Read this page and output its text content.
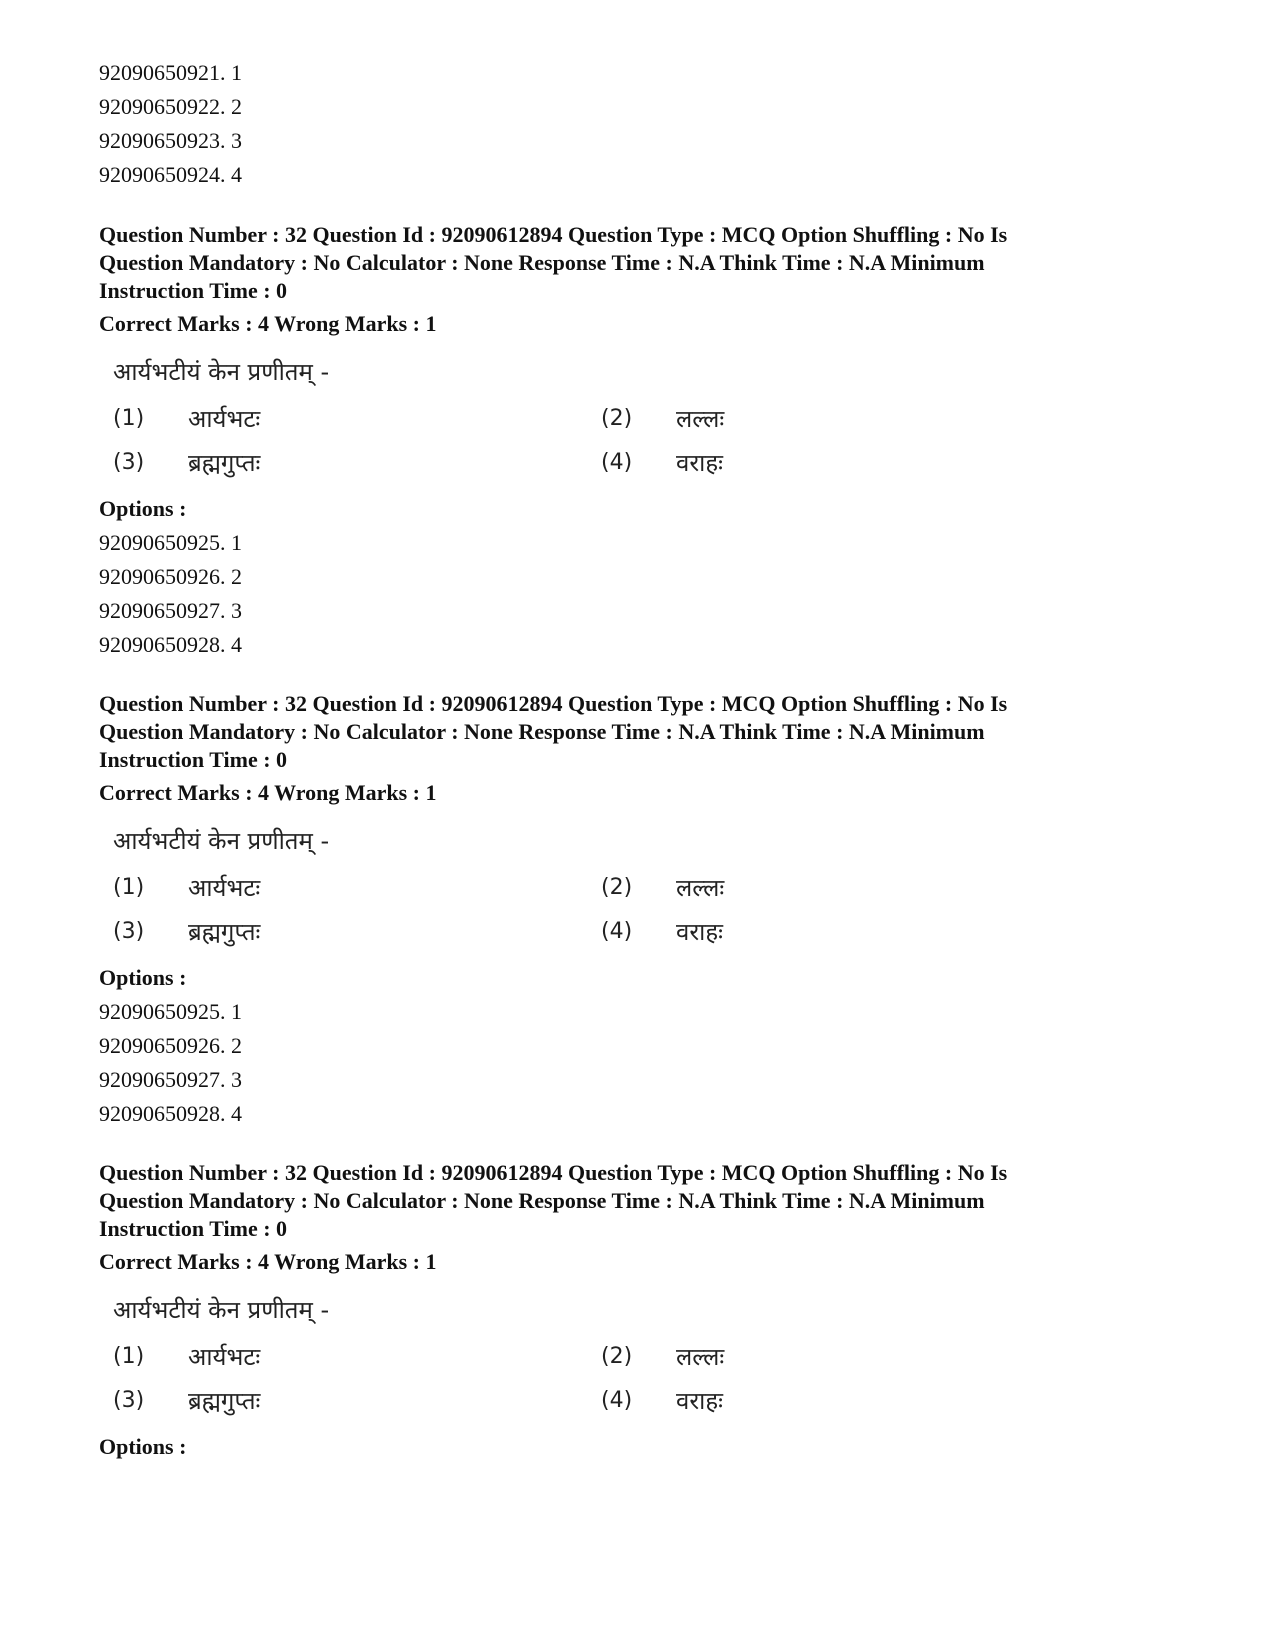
92090650921. 1
92090650922. 2
92090650923. 3
92090650924. 4
Question Number : 32 Question Id : 92090612894 Question Type : MCQ Option Shuffling : No Is
Question Mandatory : No Calculator : None Response Time : N.A Think Time : N.A Minimum
Instruction Time : 0
Correct Marks : 4 Wrong Marks : 1
आर्यभटीयं केन प्रणीतम् -
(1)	आर्यभटः	(2)	लल्लः
(3)	ब्रह्मगुप्तः	(4)	वराहः
Options :
92090650925. 1
92090650926. 2
92090650927. 3
92090650928. 4
Question Number : 32 Question Id : 92090612894 Question Type : MCQ Option Shuffling : No Is
Question Mandatory : No Calculator : None Response Time : N.A Think Time : N.A Minimum
Instruction Time : 0
Correct Marks : 4 Wrong Marks : 1
आर्यभटीयं केन प्रणीतम् -
(1)	आर्यभटः	(2)	लल्लः
(3)	ब्रह्मगुप्तः	(4)	वराहः
Options :
92090650925. 1
92090650926. 2
92090650927. 3
92090650928. 4
Question Number : 32 Question Id : 92090612894 Question Type : MCQ Option Shuffling : No Is
Question Mandatory : No Calculator : None Response Time : N.A Think Time : N.A Minimum
Instruction Time : 0
Correct Marks : 4 Wrong Marks : 1
आर्यभटीयं केन प्रणीतम् -
(1)	आर्यभटः	(2)	लल्लः
(3)	ब्रह्मगुप्तः	(4)	वराहः
Options :
